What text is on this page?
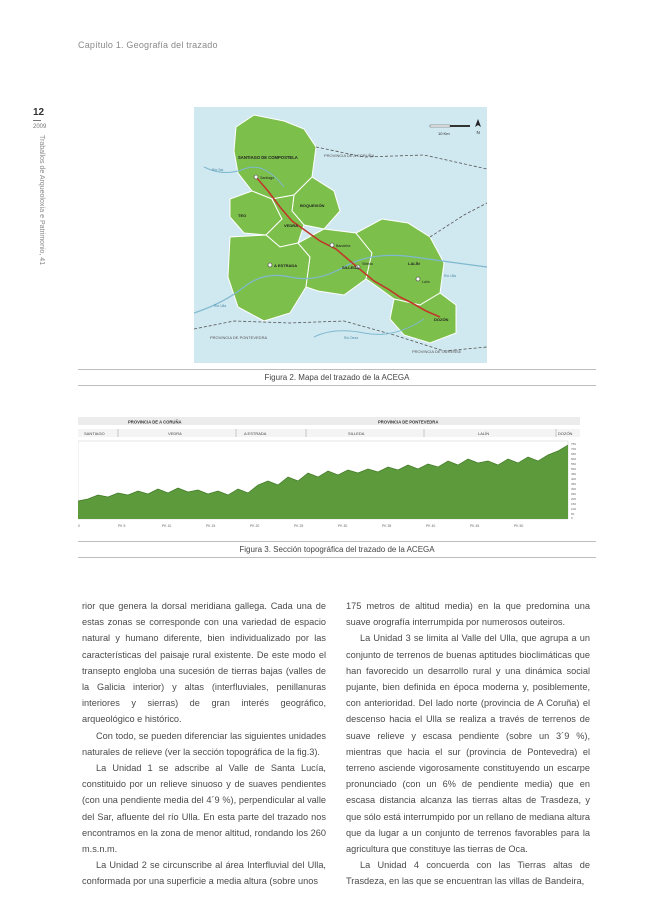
Capítulo 1. Geografía del trazado
12
2009
Traballos de Arqueoloxía e Patrimonio, 41	SANTIAGO DE COMPOSTELA
Santiago
BOQUEIXÓN
TEO
VEDRA
A ESTRADA
Bandeira
SILLEDA
Silleda	LALÍN
Lalín
DOZÓN
PROVINCIA DE A CORUÑA
PROVINCIA DE PONTEVEDRA
PROVINCIA DE OURENSE
Río Ulla
Río Sar
Río Deza
Río Ulla
10 Km	N
Figura 2. Mapa del trazado de la ACEGA
PROVINCIA DE A CORUÑA	PROVINCIA DE PONTEVEDRA
SANTIAGO	VEDRA	A ESTRADA	SILLEDA	LALÍN	DOZÓN
750
700
650
600
550
500
450
400
350
300
250
200
150
100
50
0
0	PK 5	PK 10	PK 15	PK 20	PK 25	PK 30	PK 35	PK 40	PK 45	PK 50
Figura 3. Sección topográfica del trazado de la ACEGA

rior que genera la dorsal meridiana gallega. Cada una de estas zonas se corresponde con una variedad de espacio natural y humano diferente, bien individualizado por las características del paisaje rural existente. De este modo el transepto engloba una sucesión de tierras bajas (valles de la Galicia interior) y altas (interfluviales, penillanuras interiores y sierras) de gran interés geográfico, arqueológico e histórico.

Con todo, se pueden diferenciar las siguientes unidades naturales de relieve (ver la sección topográfica de la fig.3).

La Unidad 1 se adscribe al Valle de Santa Lucía, constituido por un relieve sinuoso y de suaves pendientes (con una pendiente media del 4´9 %), perpendicular al valle del Sar, afluente del río Ulla. En esta parte del trazado nos encontramos en la zona de menor altitud, rondando los 260 m.s.n.m.

La Unidad 2 se circunscribe al área Interfluvial del Ulla, conformada por una superficie a media altura (sobre unos

175 metros de altitud media) en la que predomina una suave orografía interrumpida por numerosos outeiros.

La Unidad 3 se limita al Valle del Ulla, que agrupa a un conjunto de terrenos de buenas aptitudes bioclimáticas que han favorecido un desarrollo rural y una dinámica social pujante, bien definida en época moderna y, posiblemente, con anterioridad. Del lado norte (provincia de A Coruña) el descenso hacia el Ulla se realiza a través de terrenos de suave relieve y escasa pendiente (sobre un 3´9 %), mientras que hacia el sur (provincia de Pontevedra) el terreno asciende vigorosamente constituyendo un escarpe pronunciado (con un 6% de pendiente media) que en escasa distancia alcanza las tierras altas de Trasdeza, y que sólo está interrumpido por un rellano de mediana altura que da lugar a un conjunto de terrenos favorables para la agricultura que constituye las tierras de Oca.

La Unidad 4 concuerda con las Tierras altas de Trasdeza, en las que se encuentran las villas de Bandeira,
